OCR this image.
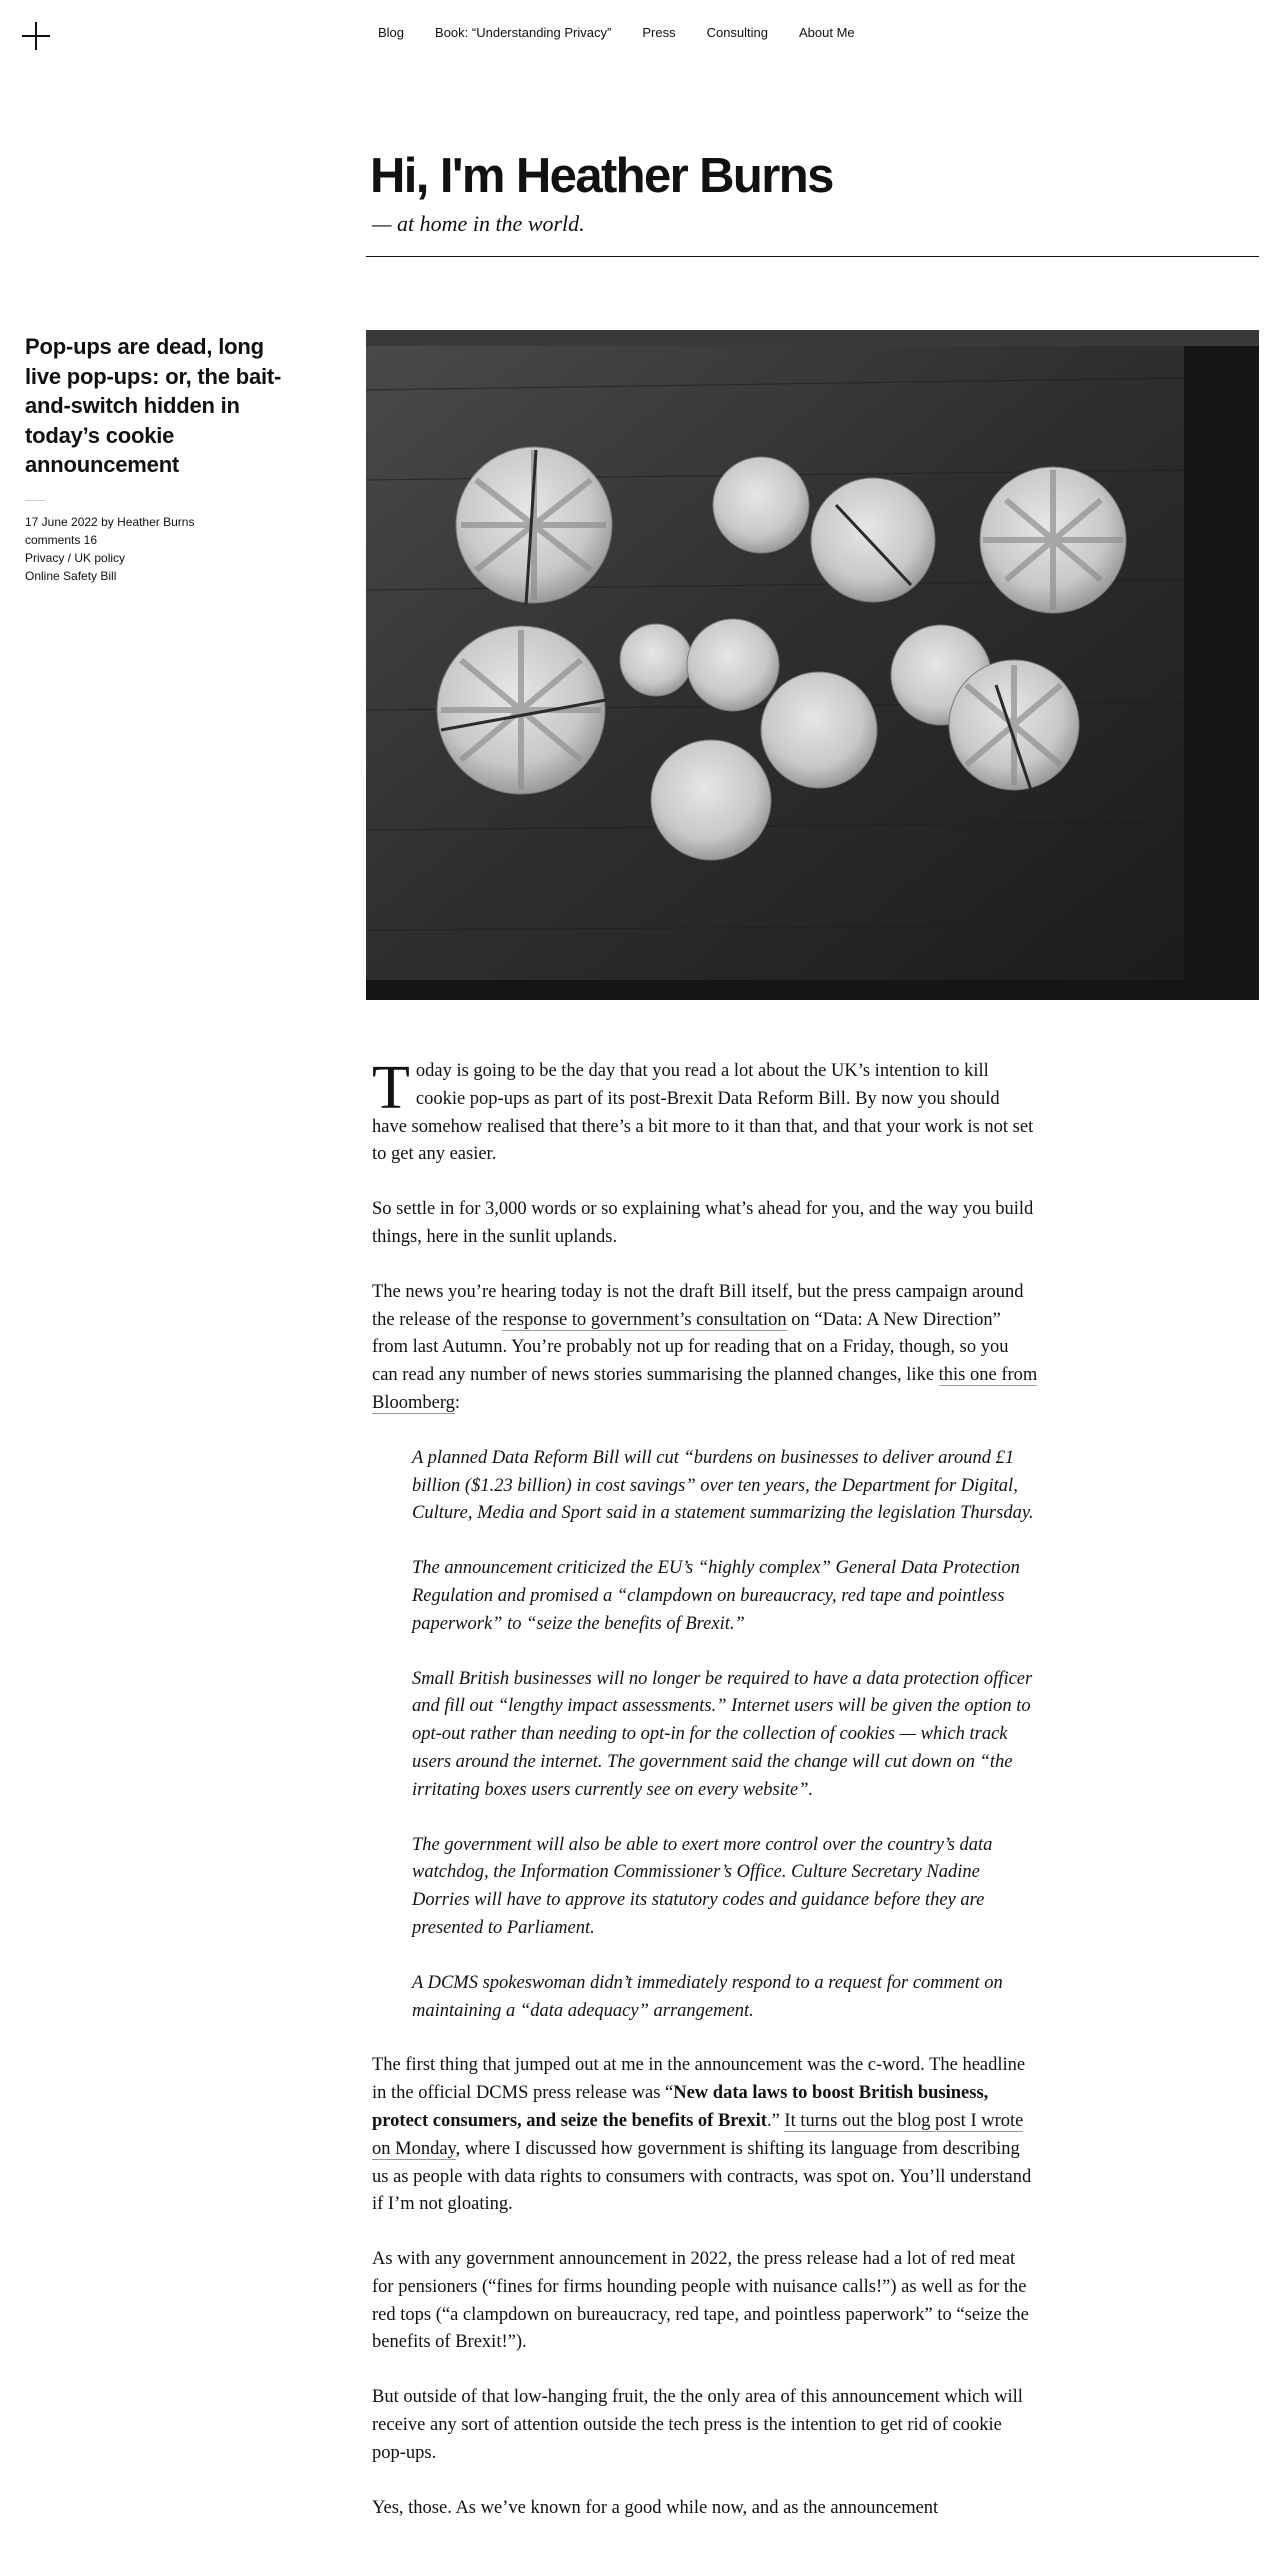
Blog Book: “Understanding Privacy” Press Consulting About Me
Hi, I'm Heather Burns

— at home in the world.

Pop-ups are dead, long live pop-ups: or, the bait-and-switch hidden in today’s cookie announcement
17 June 2022 by Heather Burns
comments 16
Privacy / UK policy
Online Safety Bill

Today is going to be the day that you read a lot about the UK’s intention to kill cookie pop-ups as part of its post-Brexit Data Reform Bill. By now you should have somehow realised that there’s a bit more to it than that, and that your work is not set to get any easier.

So settle in for 3,000 words or so explaining what’s ahead for you, and the way you build things, here in the sunlit uplands.

The news you’re hearing today is not the draft Bill itself, but the press campaign around the release of the response to government’s consultation on “Data: A New Direction” from last Autumn. You’re probably not up for reading that on a Friday, though, so you can read any number of news stories summarising the planned changes, like this one from Bloomberg:

A planned Data Reform Bill will cut “burdens on businesses to deliver around £1 billion ($1.23 billion) in cost savings” over ten years, the Department for Digital, Culture, Media and Sport said in a statement summarizing the legislation Thursday.

The announcement criticized the EU’s “highly complex” General Data Protection Regulation and promised a “clampdown on bureaucracy, red tape and pointless paperwork” to “seize the benefits of Brexit.”

Small British businesses will no longer be required to have a data protection officer and fill out “lengthy impact assessments.” Internet users will be given the option to opt-out rather than needing to opt-in for the collection of cookies — which track users around the internet. The government said the change will cut down on “the irritating boxes users currently see on every website”.

The government will also be able to exert more control over the country’s data watchdog, the Information Commissioner’s Office. Culture Secretary Nadine Dorries will have to approve its statutory codes and guidance before they are presented to Parliament.

A DCMS spokeswoman didn’t immediately respond to a request for comment on maintaining a “data adequacy” arrangement.

The first thing that jumped out at me in the announcement was the c-word. The headline in the official DCMS press release was “New data laws to boost British business, protect consumers, and seize the benefits of Brexit.” It turns out the blog post I wrote on Monday, where I discussed how government is shifting its language from describing us as people with data rights to consumers with contracts, was spot on. You’ll understand if I’m not gloating.

As with any government announcement in 2022, the press release had a lot of red meat for pensioners (“fines for firms hounding people with nuisance calls!”) as well as for the red tops (“a clampdown on bureaucracy, red tape, and pointless paperwork” to “seize the benefits of Brexit!”).

But outside of that low-hanging fruit, the the only area of this announcement which will receive any sort of attention outside the tech press is the intention to get rid of cookie pop-ups.

Yes, those. As we’ve known for a good while now, and as the announcement
